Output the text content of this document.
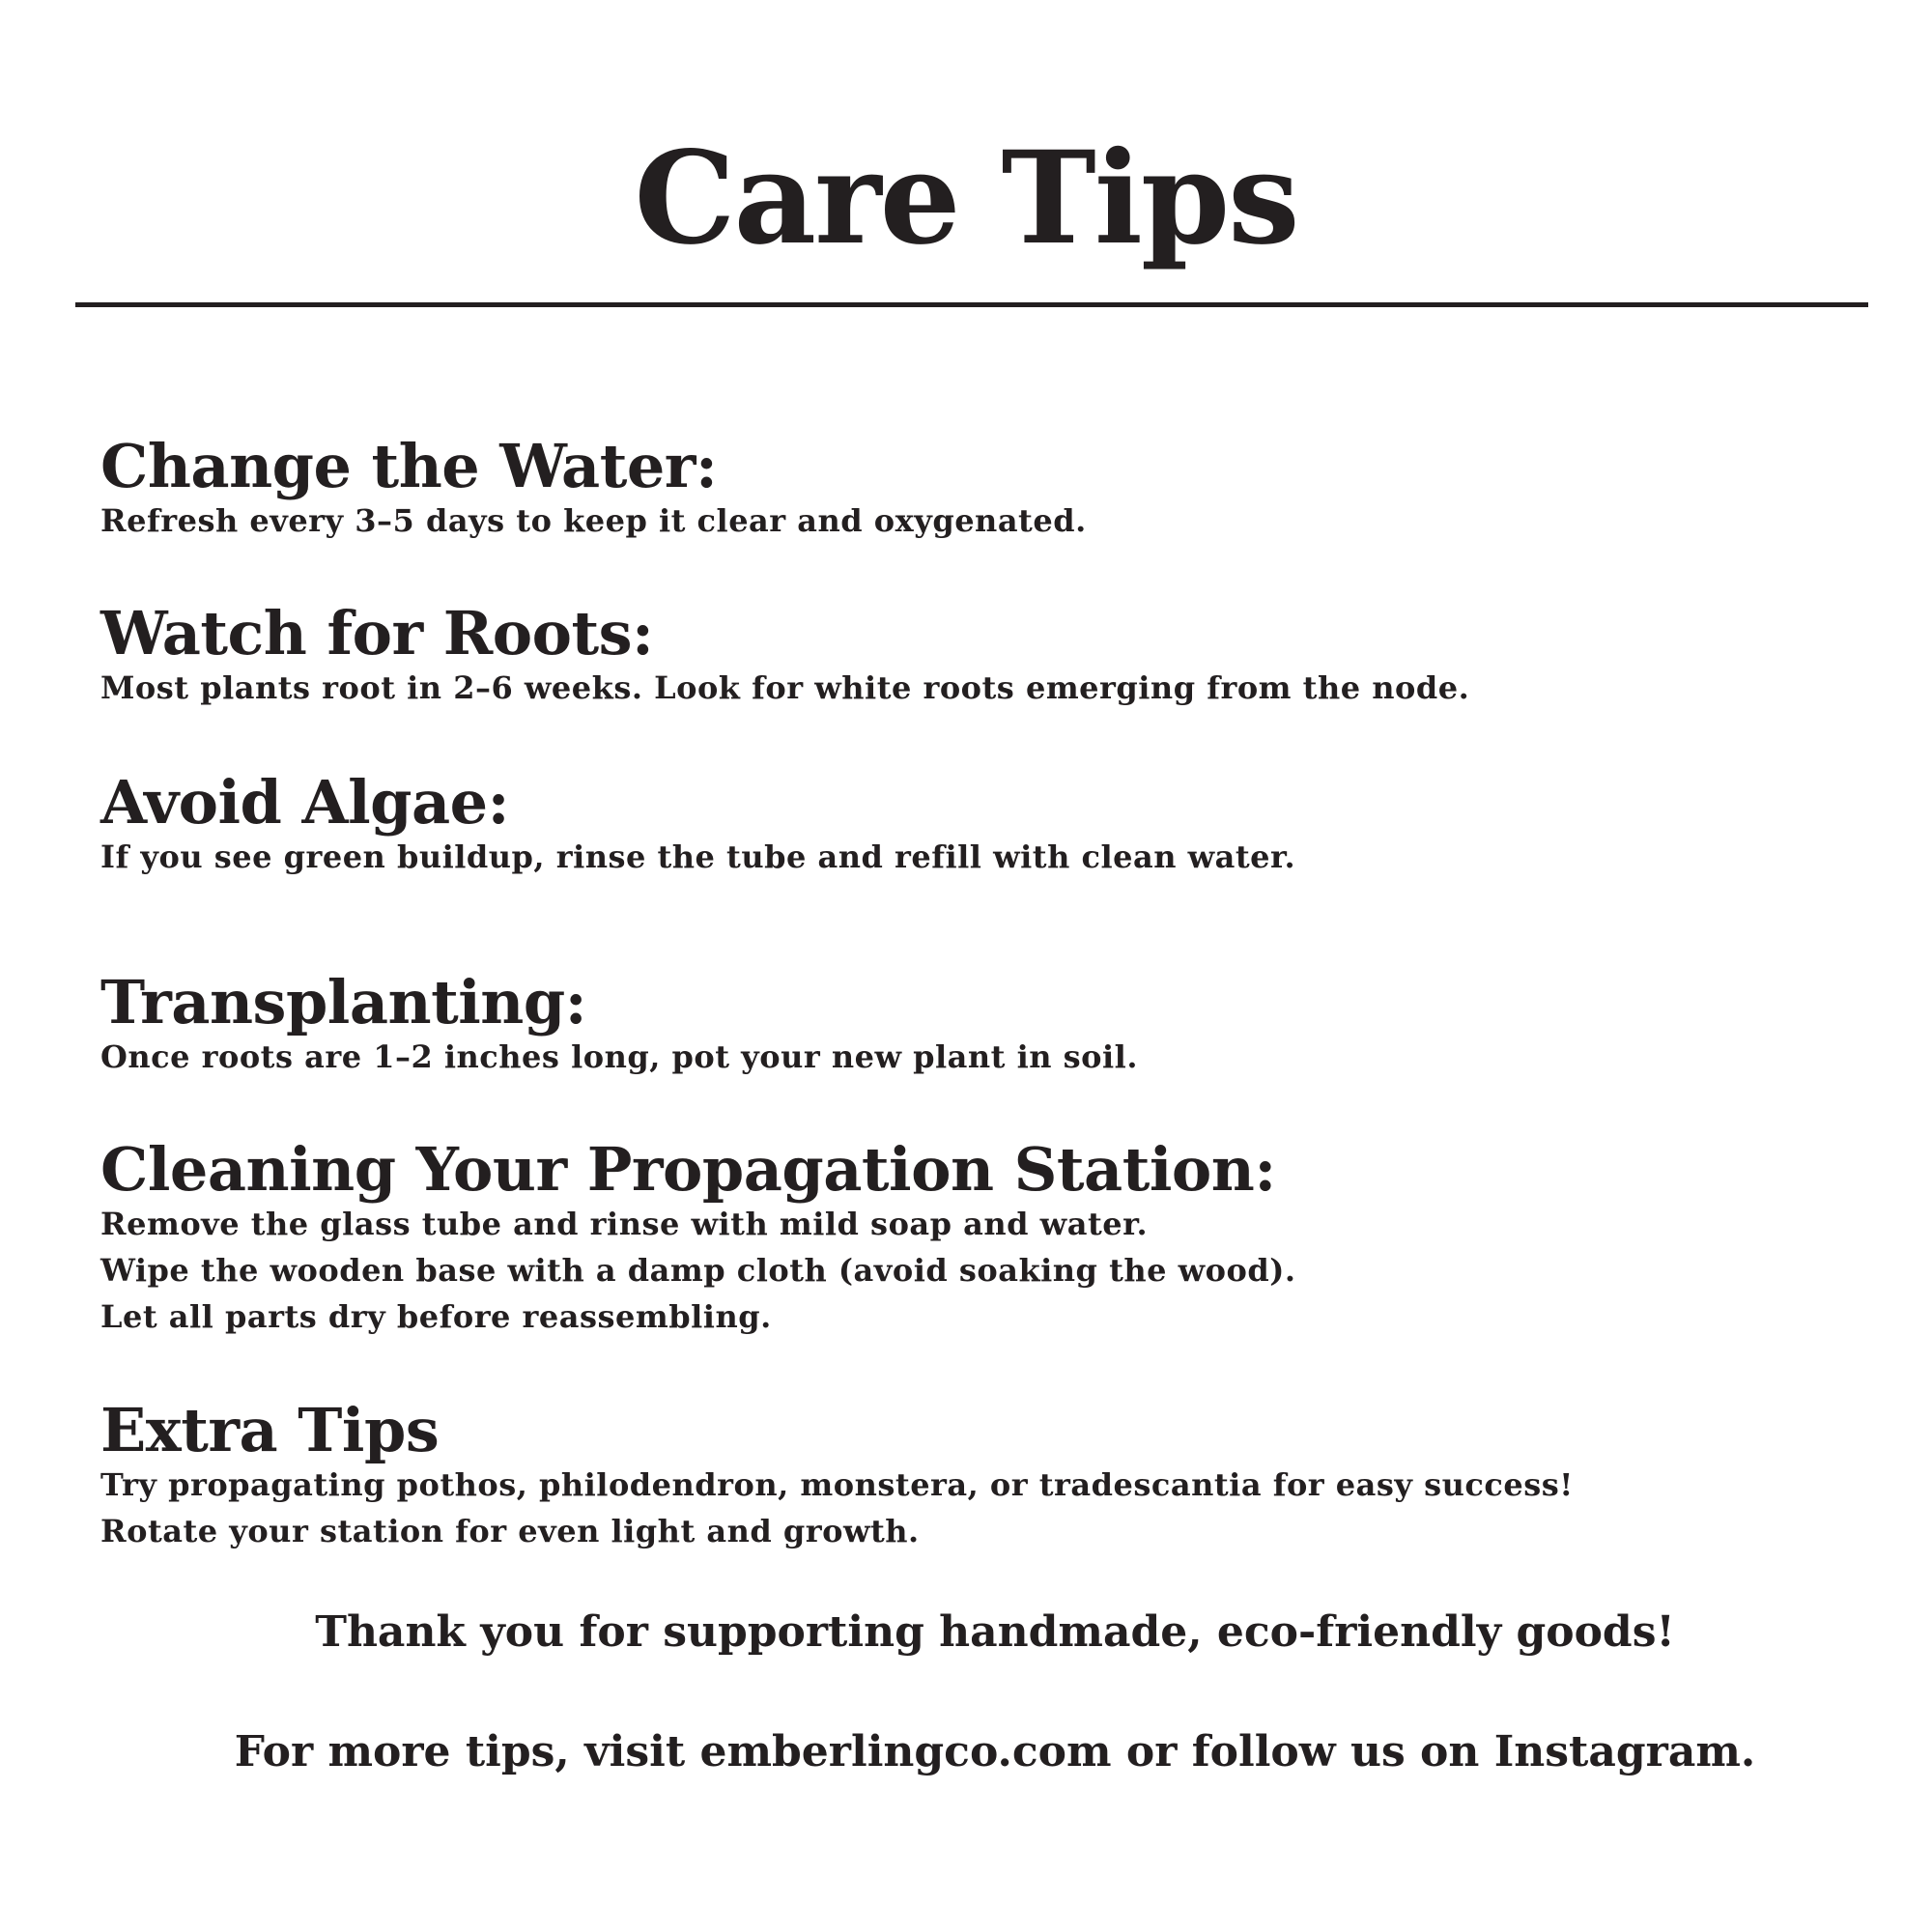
Care Tips
Change the Water:

Refresh every 3–5 days to keep it clear and oxygenated.

Watch for Roots:

Most plants root in 2–6 weeks. Look for white roots emerging from the node.

Avoid Algae:

If you see green buildup, rinse the tube and refill with clean water.

Transplanting:

Once roots are 1–2 inches long, pot your new plant in soil.

Cleaning Your Propagation Station:

Remove the glass tube and rinse with mild soap and water.

Wipe the wooden base with a damp cloth (avoid soaking the wood).

Let all parts dry before reassembling.

Extra Tips

Try propagating pothos, philodendron, monstera, or tradescantia for easy success!

Rotate your station for even light and growth.

Thank you for supporting handmade, eco-friendly goods!

For more tips, visit emberlingco.com or follow us on Instagram.
